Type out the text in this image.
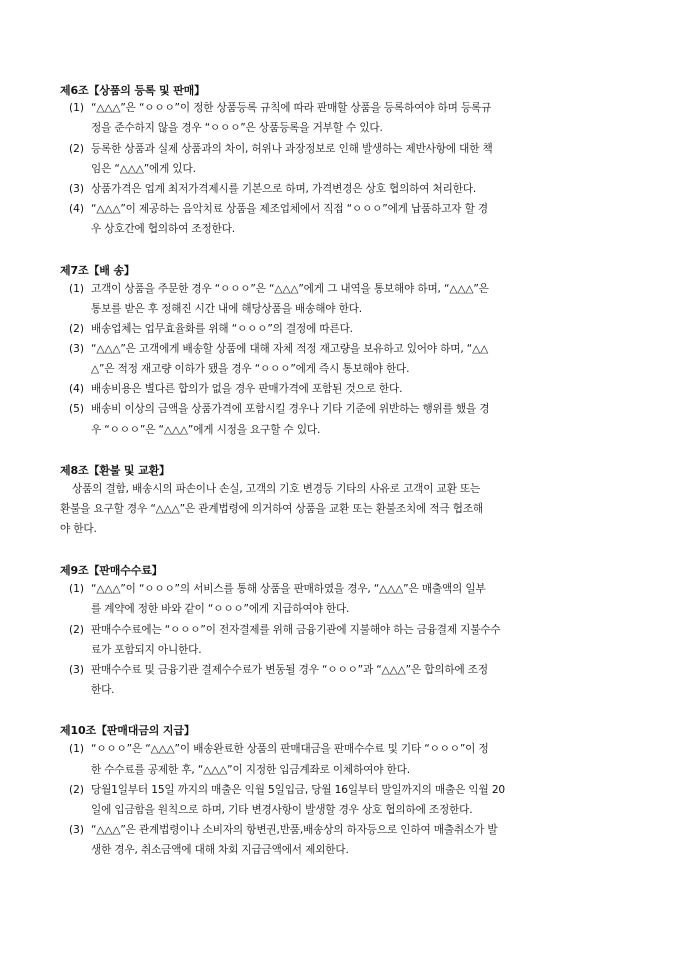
제6조【상품의 등록 및 판매】
(1) “△△△”은 “ㅇㅇㅇ”이 정한 상품등록 규칙에 따라 판매할 상품을 등록하여야 하며 등록규
정을 준수하지 않을 경우 “ㅇㅇㅇ”은 상품등록을 거부할 수 있다.
(2) 등록한 상품과 실제 상품과의 차이, 허위나 과장정보로 인해 발생하는 제반사항에 대한 책
임은 “△△△”에게 있다.
(3) 상품가격은 업계 최저가격제시를 기본으로 하며, 가격변경은 상호 협의하여 처리한다.
(4) “△△△”이 제공하는 음악치료 상품을 제조업체에서 직접 “ㅇㅇㅇ”에게 납품하고자 할 경
우 상호간에 협의하여 조정한다.
제7조【배 송】
(1) 고객이 상품을 주문한 경우 “ㅇㅇㅇ”은 “△△△”에게 그 내역을 통보해야 하며, “△△△”은
통보를 받은 후 정해진 시간 내에 해당상품을 배송해야 한다.
(2) 배송업체는 업무효율화를 위해 “ㅇㅇㅇ”의 결정에 따른다.
(3) “△△△”은 고객에게 배송할 상품에 대해 자체 적정 재고량을 보유하고 있어야 하며, “△△
△”은 적정 재고량 이하가 됐을 경우 “ㅇㅇㅇ”에게 즉시 통보해야 한다.
(4) 배송비용은 별다른 합의가 없을 경우 판매가격에 포함된 것으로 한다.
(5) 배송비 이상의 금액을 상품가격에 포함시킬 경우나 기타 기준에 위반하는 행위를 했을 경
우 “ㅇㅇㅇ”은 “△△△”에게 시정을 요구할 수 있다.
제8조【환불 및 교환】
상품의 결함, 배송시의 파손이나 손실, 고객의 기호 변경등 기타의 사유로 고객이 교환 또는
환불을 요구할 경우 “△△△”은 관계법령에 의거하여 상품을 교환 또는 환불조치에 적극 협조해
야 한다.
제9조【판매수수료】
(1) “△△△”이 “ㅇㅇㅇ”의 서비스를 통해 상품을 판매하였을 경우, “△△△”은 매출액의 일부
를 계약에 정한 바와 같이 “ㅇㅇㅇ”에게 지급하여야 한다.
(2) 판매수수료에는 “ㅇㅇㅇ”이 전자결제를 위해 금융기관에 지불해야 하는 금융결제 지불수수
료가 포함되지 아니한다.
(3) 판매수수료 및 금융기관 결제수수료가 변동될 경우 “ㅇㅇㅇ”과 “△△△”은 합의하에 조정
한다.
제10조【판매대금의 지급】
(1) “ㅇㅇㅇ”은 “△△△”이 배송완료한 상품의 판매대금을 판매수수료 및 기타 “ㅇㅇㅇ”이 정
한 수수료를 공제한 후, “△△△”이 지정한 입금계좌로 이체하여야 한다.
(2) 당월1일부터 15일 까지의 매출은 익월 5일입금, 당월 16일부터 말일까지의 매출은 익월 20
일에 입금함을 원칙으로 하며, 기타 변경사항이 발생할 경우 상호 협의하에 조정한다.
(3) “△△△”은 관계법령이나 소비자의 항변권,반품,배송상의 하자등으로 인하여 매출취소가 발
생한 경우, 취소금액에 대해 차회 지급금액에서 제외한다.
